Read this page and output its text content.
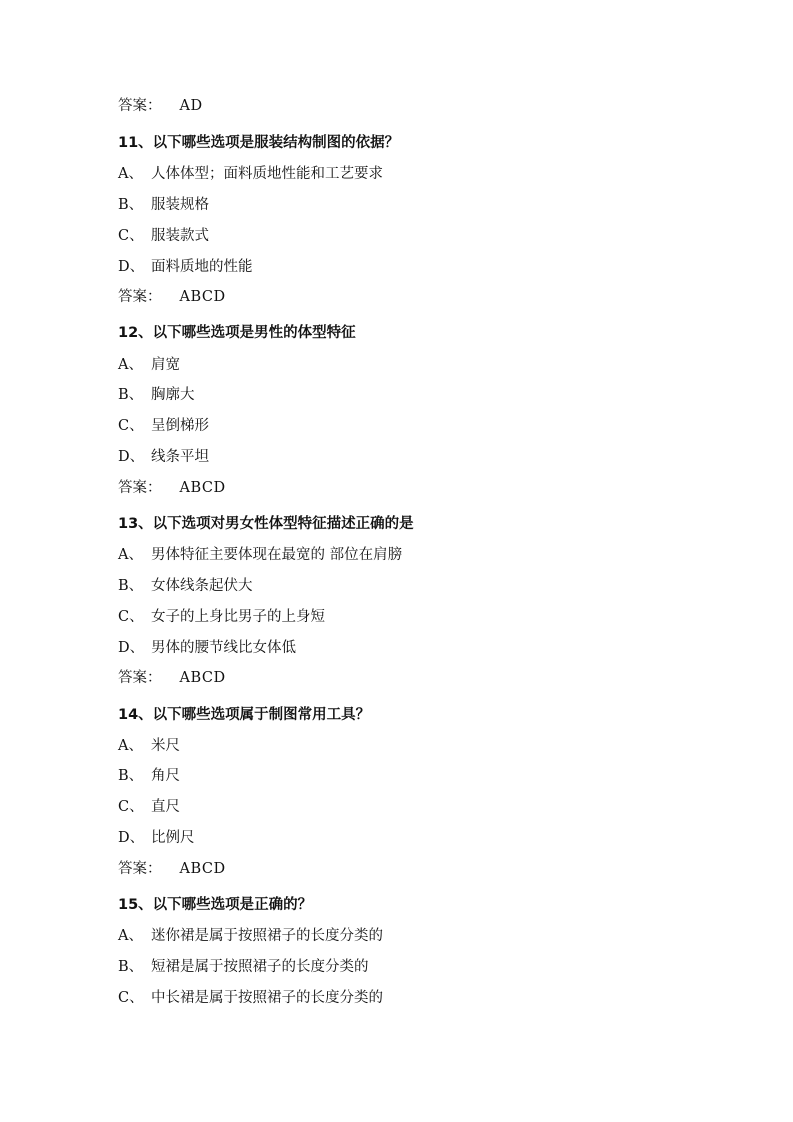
答案： AD
11、以下哪些选项是服装结构制图的依据？
A、 人体体型；面料质地性能和工艺要求
B、 服装规格
C、 服装款式
D、 面料质地的性能
答案： ABCD
12、以下哪些选项是男性的体型特征
A、 肩宽
B、 胸廓大
C、 呈倒梯形
D、 线条平坦
答案： ABCD
13、以下选项对男女性体型特征描述正确的是
A、 男体特征主要体现在最宽的 部位在肩膀
B、 女体线条起伏大
C、 女子的上身比男子的上身短
D、 男体的腰节线比女体低
答案： ABCD
14、以下哪些选项属于制图常用工具？
A、 米尺
B、 角尺
C、 直尺
D、 比例尺
答案： ABCD
15、以下哪些选项是正确的？
A、 迷你裙是属于按照裙子的长度分类的
B、 短裙是属于按照裙子的长度分类的
C、 中长裙是属于按照裙子的长度分类的
